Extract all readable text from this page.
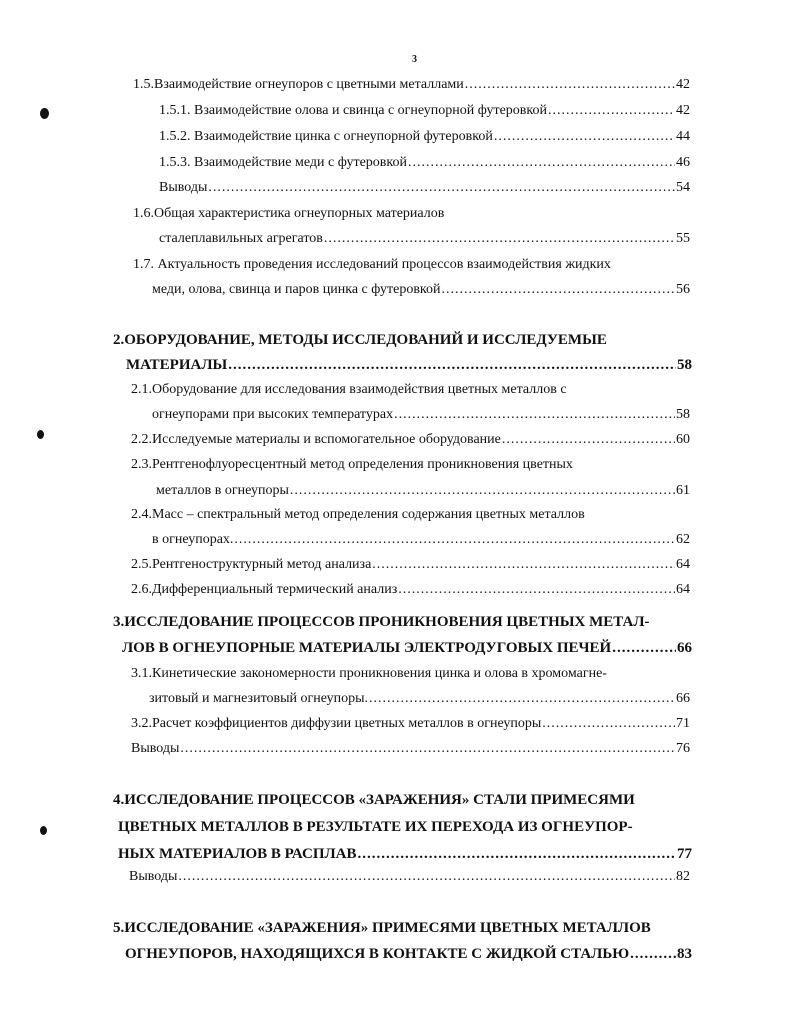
3
1.5.Взаимодействие огнеупоров с цветными металлами .....	42
1.5.1. Взаимодействие олова и свинца с огнеупорной футеровкой .....	42
1.5.2. Взаимодействие цинка с огнеупорной футеровкой .....	44
1.5.3. Взаимодействие меди с футеровкой .....	46
Выводы .....	54
1.6.Общая характеристика огнеупорных материалов
сталеплавильных агрегатов .....	55
1.7. Актуальность проведения исследований процессов взаимодействия жидких
меди, олова, свинца и паров цинка с футеровкой .....	56
2.ОБОРУДОВАНИЕ, МЕТОДЫ ИССЛЕДОВАНИЙ И ИССЛЕДУЕМЫЕ
МАТЕРИАЛЫ .....	58
2.1.Оборудование для исследования взаимодействия цветных металлов с
огнеупорами при высоких температурах .....	58
2.2.Исследуемые материалы и вспомогательное оборудование .....	60
2.3.Рентгенофлуоресцентный метод определения проникновения цветных
металлов в огнеупоры .....	61
2.4.Масс – спектральный метод определения содержания цветных металлов
в огнеупорах. .....	62
2.5.Рентгеноструктурный метод анализа .....	64
2.6.Дифференциальный термический анализ .....	64
3.ИССЛЕДОВАНИЕ ПРОЦЕССОВ ПРОНИКНОВЕНИЯ ЦВЕТНЫХ МЕТАЛ-
ЛОВ В ОГНЕУПОРНЫЕ МАТЕРИАЛЫ ЭЛЕКТРОДУГОВЫХ ПЕЧЕЙ .....	66
3.1.Кинетические закономерности проникновения цинка и олова в хромомагне-
зитовый и магнезитовый огнеупоры. .....	66
3.2.Расчет коэффициентов диффузии цветных металлов в огнеупоры .....	71
Выводы .....	76
4.ИССЛЕДОВАНИЕ ПРОЦЕССОВ «ЗАРАЖЕНИЯ» СТАЛИ ПРИМЕСЯМИ
ЦВЕТНЫХ МЕТАЛЛОВ В РЕЗУЛЬТАТЕ ИХ ПЕРЕХОДА ИЗ ОГНЕУПОР-
НЫХ МАТЕРИАЛОВ В РАСПЛАВ .....	77
Выводы .....	82
5.ИССЛЕДОВАНИЕ «ЗАРАЖЕНИЯ» ПРИМЕСЯМИ ЦВЕТНЫХ МЕТАЛЛОВ
ОГНЕУПОРОВ, НАХОДЯЩИХСЯ В КОНТАКТЕ С ЖИДКОЙ СТАЛЬЮ .....	83
